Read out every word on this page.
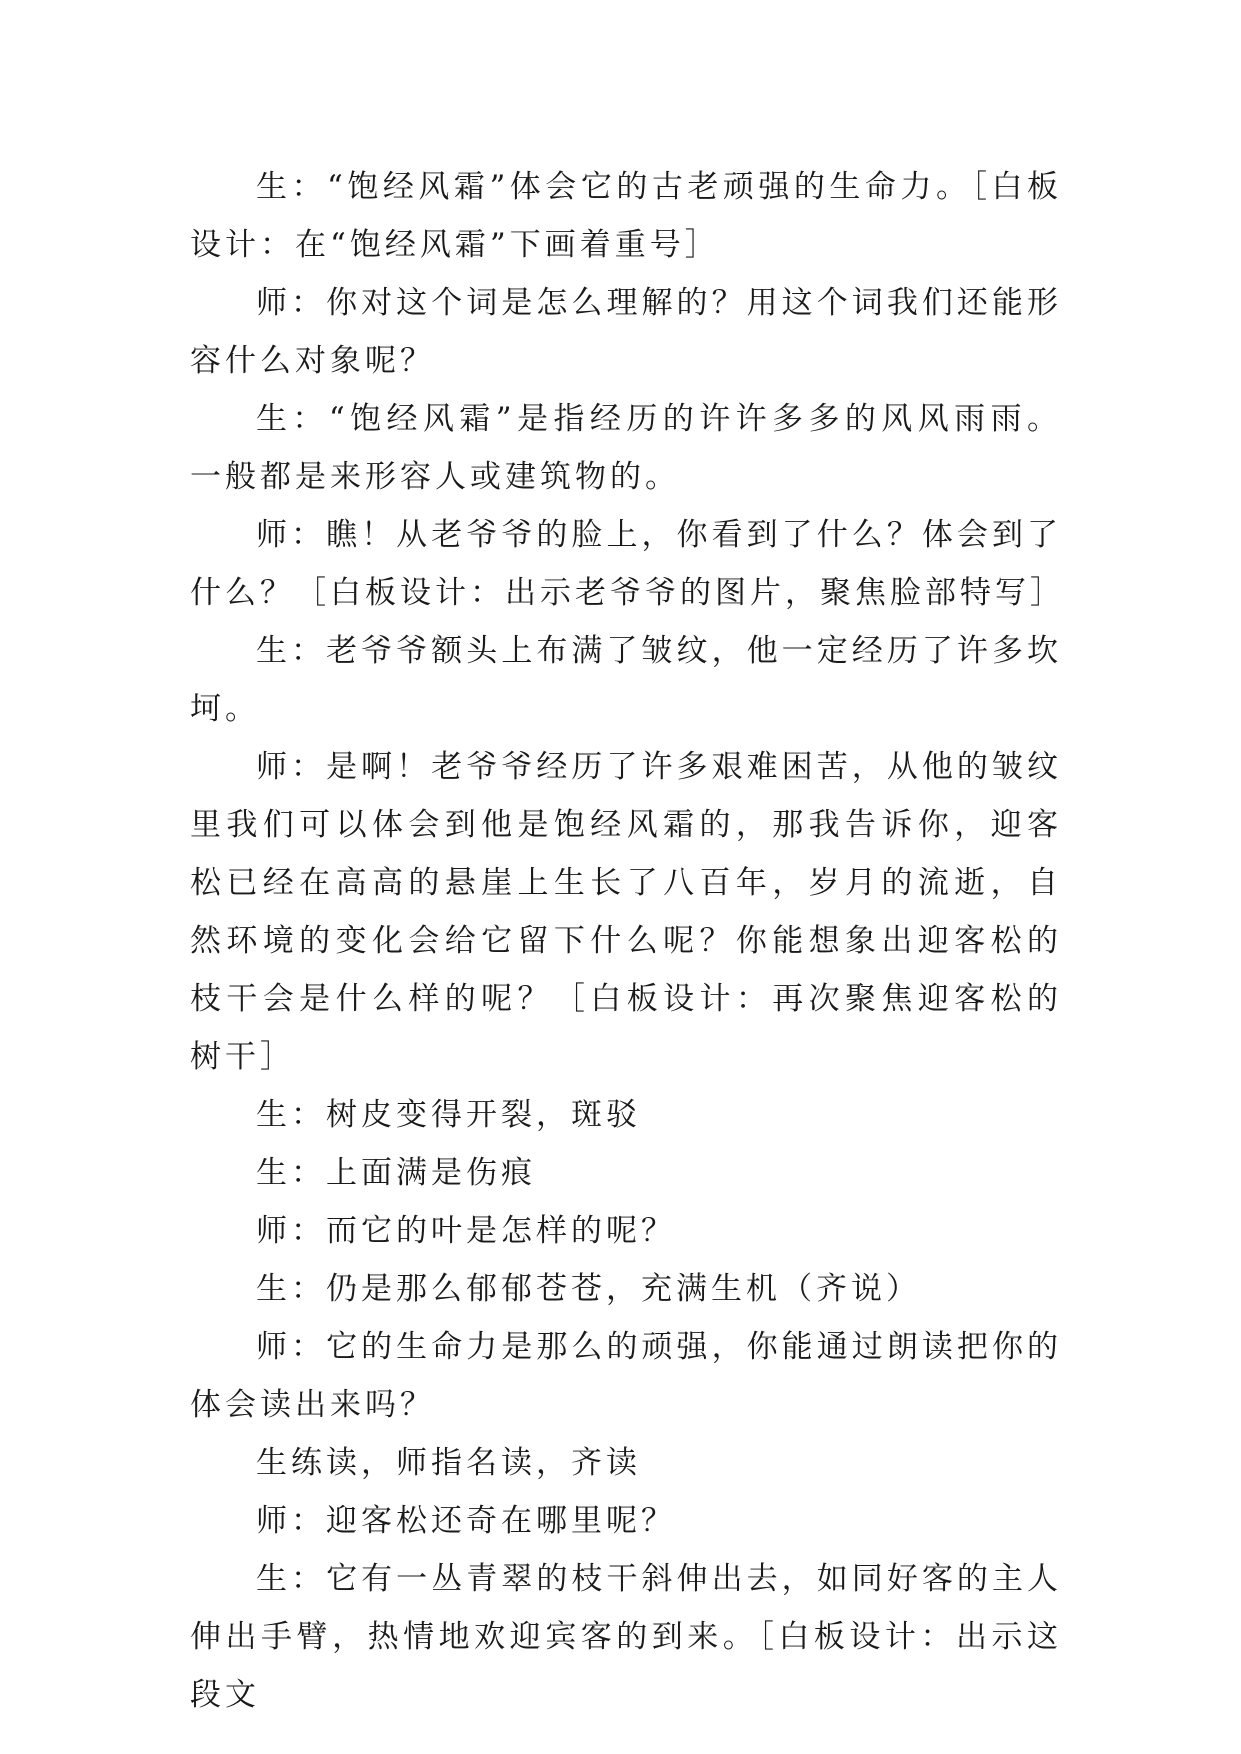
生：“饱经风霜”体会它的古老顽强的生命力。［白板设计：在“饱经风霜”下画着重号］

师：你对这个词是怎么理解的？用这个词我们还能形容什么对象呢？

生：“饱经风霜”是指经历的许许多多的风风雨雨。一般都是来形容人或建筑物的。

师：瞧！从老爷爷的脸上，你看到了什么？体会到了什么？［白板设计：出示老爷爷的图片，聚焦脸部特写］

生：老爷爷额头上布满了皱纹，他一定经历了许多坎坷。

师：是啊！老爷爷经历了许多艰难困苦，从他的皱纹里我们可以体会到他是饱经风霜的，那我告诉你，迎客松已经在高高的悬崖上生长了八百年，岁月的流逝，自然环境的变化会给它留下什么呢？你能想象出迎客松的枝干会是什么样的呢？［白板设计：再次聚焦迎客松的树干］

生：树皮变得开裂，斑驳

生：上面满是伤痕

师：而它的叶是怎样的呢？

生：仍是那么郁郁苍苍，充满生机（齐说）

师：它的生命力是那么的顽强，你能通过朗读把你的体会读出来吗？

生练读，师指名读，齐读

师：迎客松还奇在哪里呢？

生：它有一丛青翠的枝干斜伸出去，如同好客的主人伸出手臂，热情地欢迎宾客的到来。［白板设计：出示这段文
